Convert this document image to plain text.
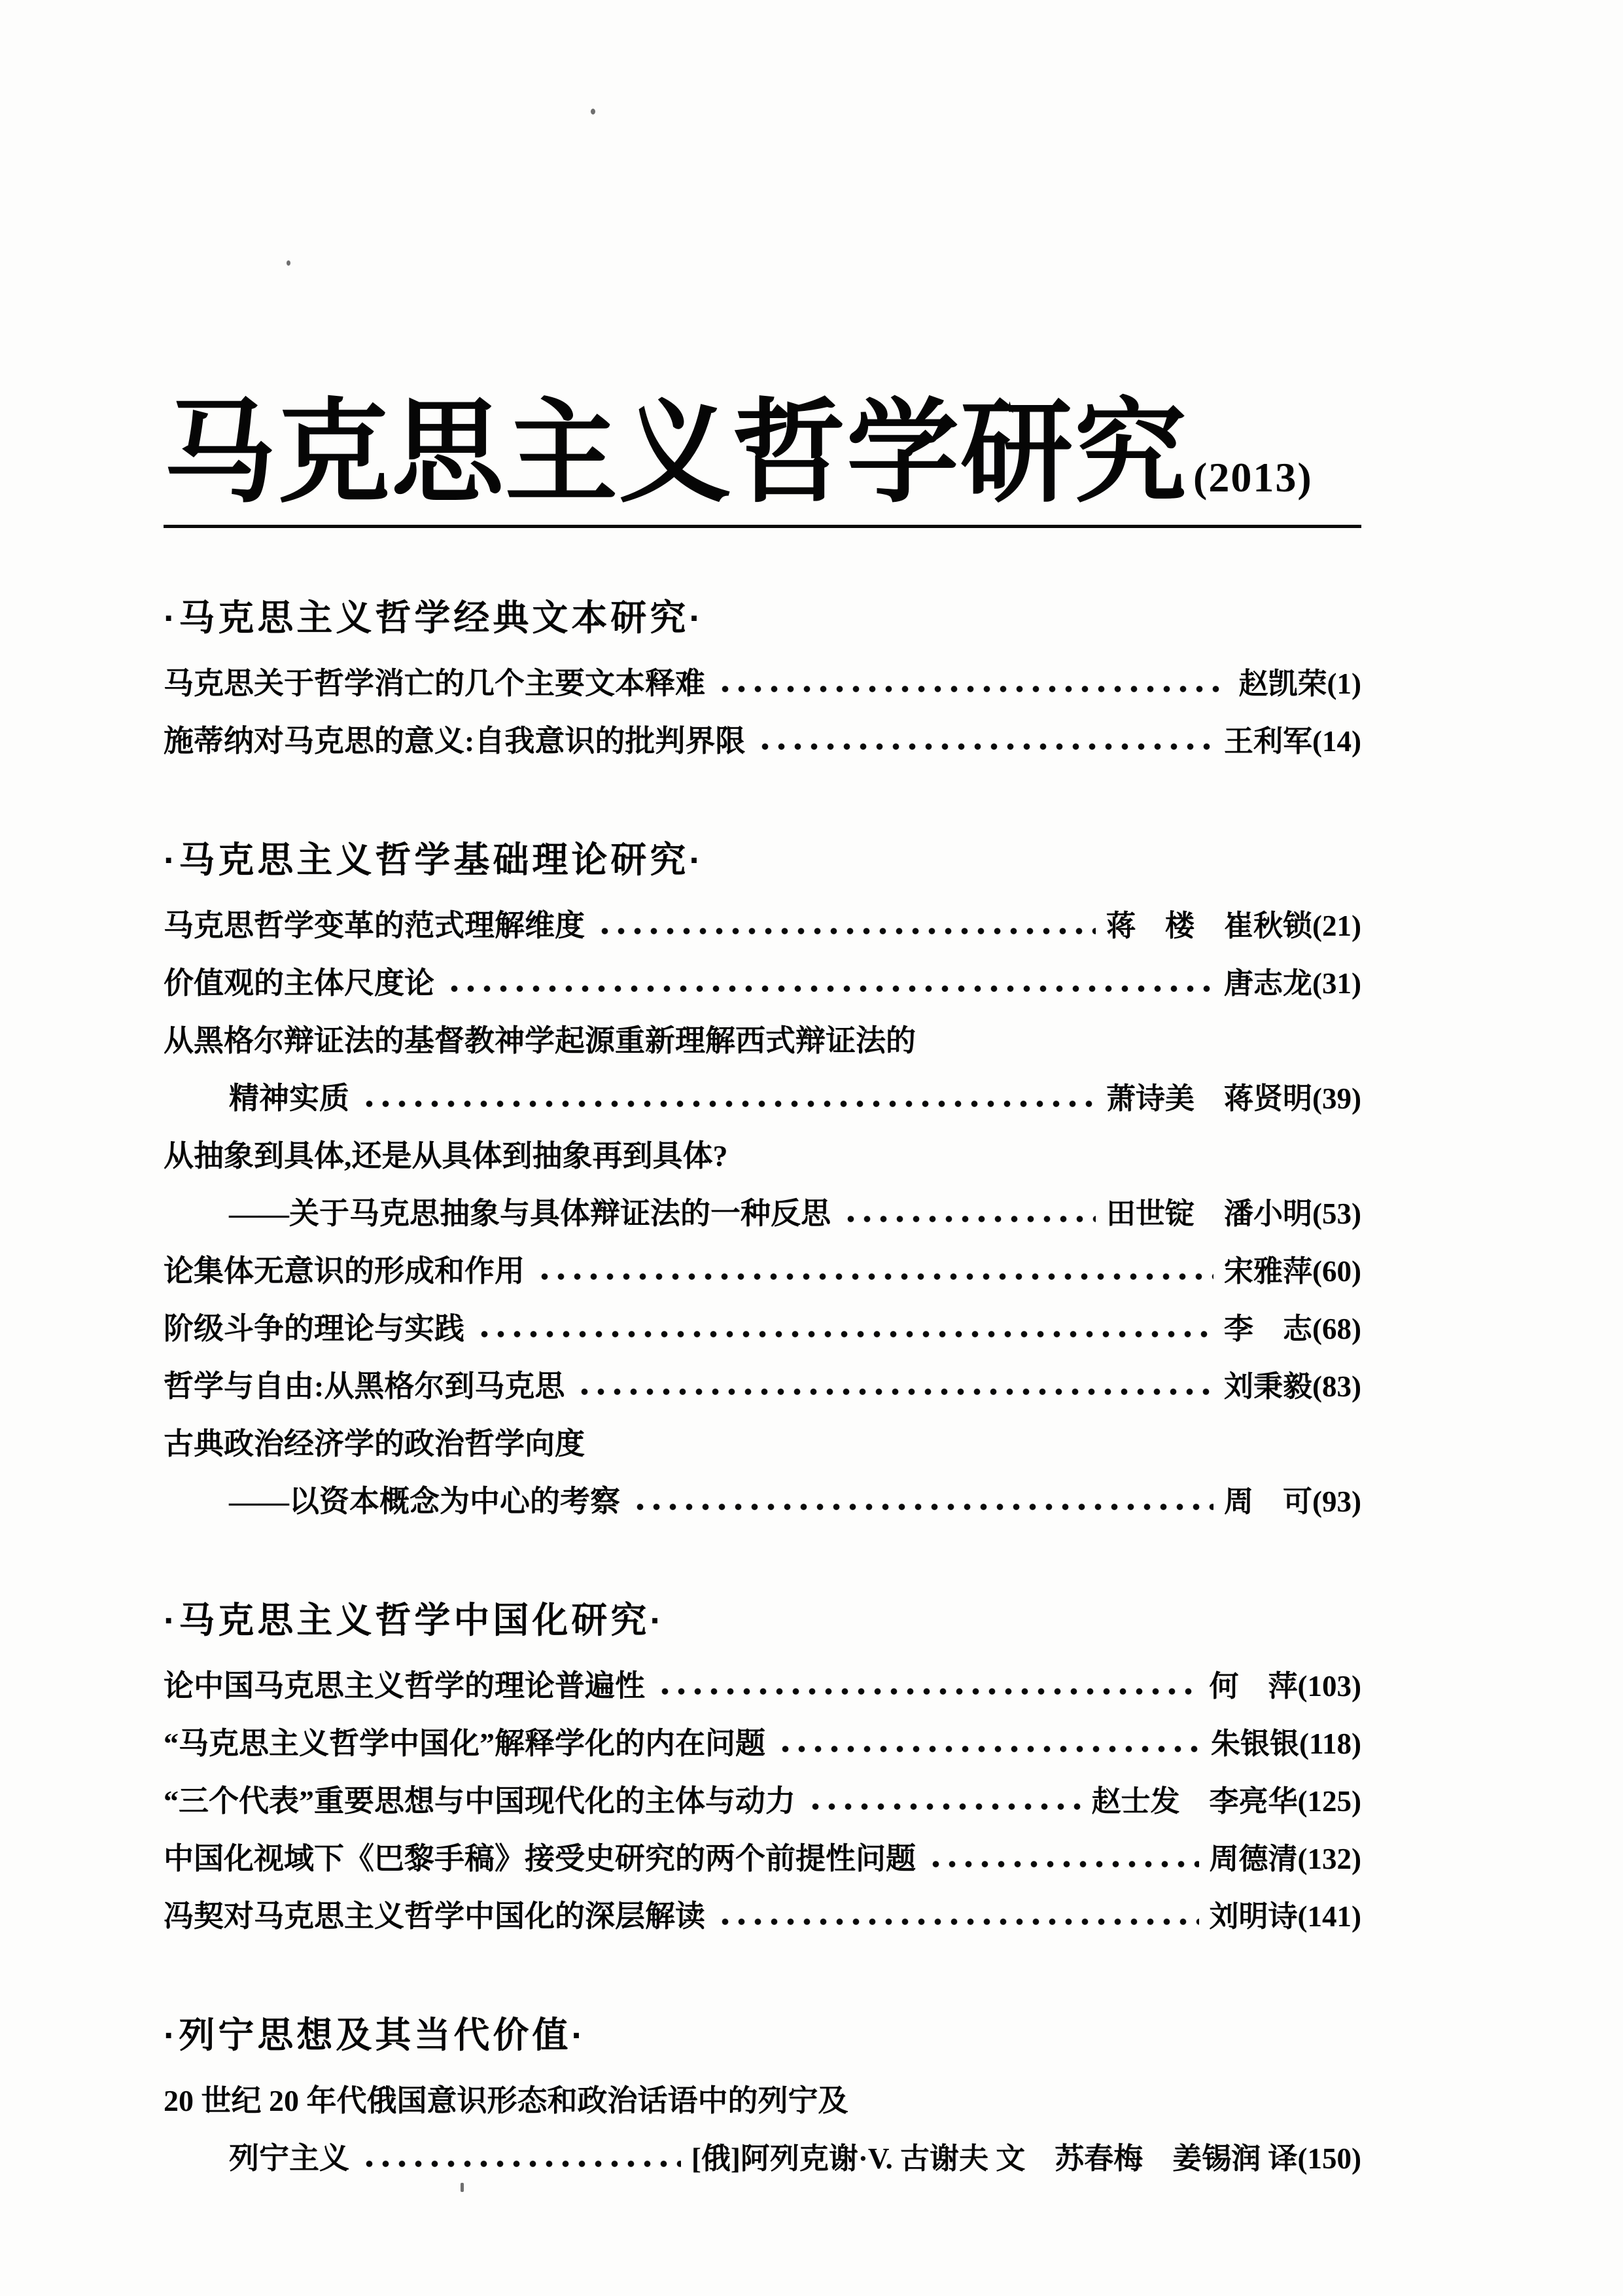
马克思主义哲学研究 (2013)
·马克思主义哲学经典文本研究·
马克思关于哲学消亡的几个主要文本释难	赵凯荣(1)
施蒂纳对马克思的意义:自我意识的批判界限	王利军(14)
·马克思主义哲学基础理论研究·
马克思哲学变革的范式理解维度	蒋　楼　崔秋锁(21)
价值观的主体尺度论	唐志龙(31)
从黑格尔辩证法的基督教神学起源重新理解西式辩证法的
精神实质	萧诗美　蒋贤明(39)
从抽象到具体,还是从具体到抽象再到具体?
——关于马克思抽象与具体辩证法的一种反思	田世锭　潘小明(53)
论集体无意识的形成和作用	宋雅萍(60)
阶级斗争的理论与实践	李　志(68)
哲学与自由:从黑格尔到马克思	刘秉毅(83)
古典政治经济学的政治哲学向度
——以资本概念为中心的考察	周　可(93)
·马克思主义哲学中国化研究·
论中国马克思主义哲学的理论普遍性	何　萍(103)
“马克思主义哲学中国化”解释学化的内在问题	朱银银(118)
“三个代表”重要思想与中国现代化的主体与动力	赵士发　李亮华(125)
中国化视域下《巴黎手稿》接受史研究的两个前提性问题	周德清(132)
冯契对马克思主义哲学中国化的深层解读	刘明诗(141)
·列宁思想及其当代价值·
20 世纪 20 年代俄国意识形态和政治话语中的列宁及
列宁主义	[俄]阿列克谢·V. 古谢夫 文　苏春梅　姜锡润 译(150)
